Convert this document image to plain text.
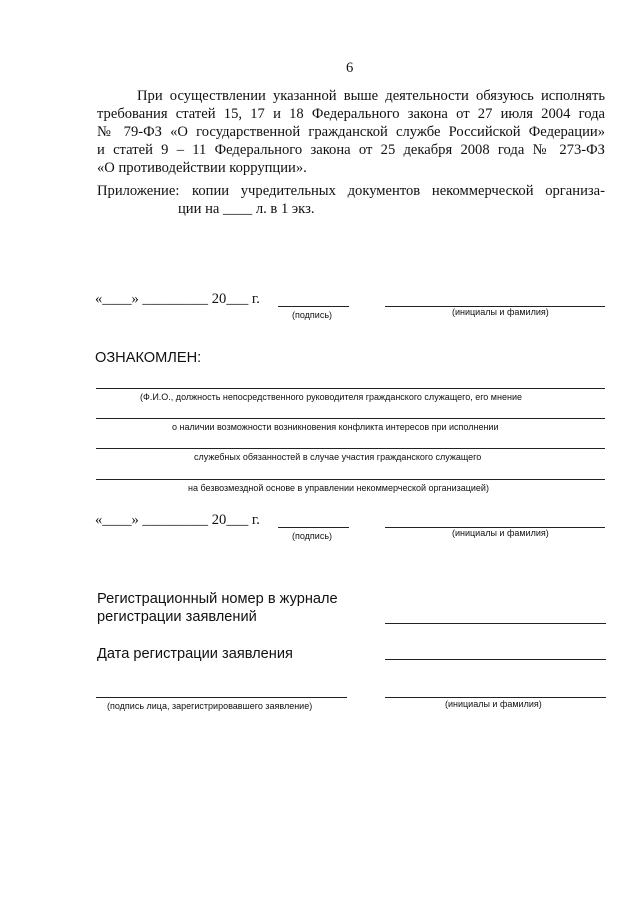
6
При осуществлении указанной выше деятельности обязуюсь исполнять
требования статей 15, 17 и 18 Федерального закона от 27 июля 2004 года
№ 79-ФЗ «О государственной гражданской службе Российской Федерации»
и статей 9 – 11 Федерального закона от 25 декабря 2008 года № 273-ФЗ
«О противодействии коррупции».
Приложение: копии учредительных документов некоммерческой организа-
ции на ____ л. в 1 экз.
«____» _________ 20___ г.
(подпись)	(инициалы и фамилия)
ОЗНАКОМЛЕН:
(Ф.И.О., должность непосредственного руководителя гражданского служащего, его мнение
о наличии возможности возникновения конфликта интересов при исполнении
служебных обязанностей в случае участия гражданского служащего
на безвозмездной основе в управлении некоммерческой организацией)
«____» _________ 20___ г.
(подпись)	(инициалы и фамилия)
Регистрационный номер в журнале
регистрации заявлений
Дата регистрации заявления
(подпись лица, зарегистрировавшего заявление)	(инициалы и фамилия)
